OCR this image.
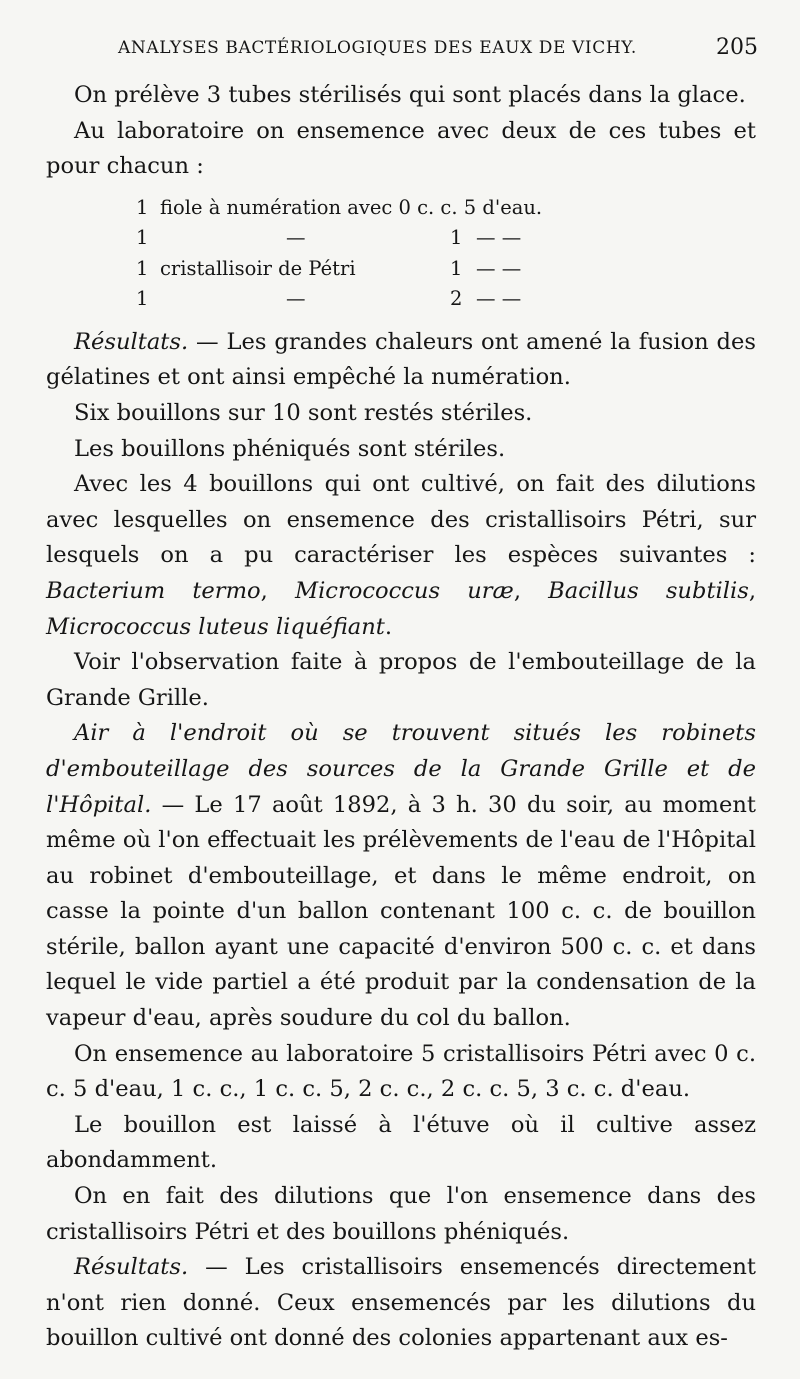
ANALYSES BACTÉRIOLOGIQUES DES EAUX DE VICHY.	205

On prélève 3 tubes stérilisés qui sont placés dans la glace.

Au laboratoire on ensemence avec deux de ces tubes et pour chacun :

1 fiole à numération avec 0 c. c. 5 d'eau.
1	—	1 — —
1 cristallisoir de Pétri	1 — —
1	—	2 — —

Résultats. — Les grandes chaleurs ont amené la fusion des gélatines et ont ainsi empêché la numération.

Six bouillons sur 10 sont restés stériles.

Les bouillons phéniqués sont stériles.

Avec les 4 bouillons qui ont cultivé, on fait des dilutions avec lesquelles on ensemence des cristallisoirs Pétri, sur lesquels on a pu caractériser les espèces suivantes : Bacterium termo, Micrococcus uræ, Bacillus subtilis, Micrococcus luteus liquéfiant.

Voir l'observation faite à propos de l'embouteillage de la Grande Grille.

Air à l'endroit où se trouvent situés les robinets d'embouteillage des sources de la Grande Grille et de l'Hôpital. — Le 17 août 1892, à 3 h. 30 du soir, au moment même où l'on effectuait les prélèvements de l'eau de l'Hôpital au robinet d'embouteillage, et dans le même endroit, on casse la pointe d'un ballon contenant 100 c. c. de bouillon stérile, ballon ayant une capacité d'environ 500 c. c. et dans lequel le vide partiel a été produit par la condensation de la vapeur d'eau, après soudure du col du ballon.

On ensemence au laboratoire 5 cristallisoirs Pétri avec 0 c. c. 5 d'eau, 1 c. c., 1 c. c. 5, 2 c. c., 2 c. c. 5, 3 c. c. d'eau.

Le bouillon est laissé à l'étuve où il cultive assez abondamment.

On en fait des dilutions que l'on ensemence dans des cristallisoirs Pétri et des bouillons phéniqués.

Résultats. — Les cristallisoirs ensemencés directement n'ont rien donné. Ceux ensemencés par les dilutions du bouillon cultivé ont donné des colonies appartenant aux es-
